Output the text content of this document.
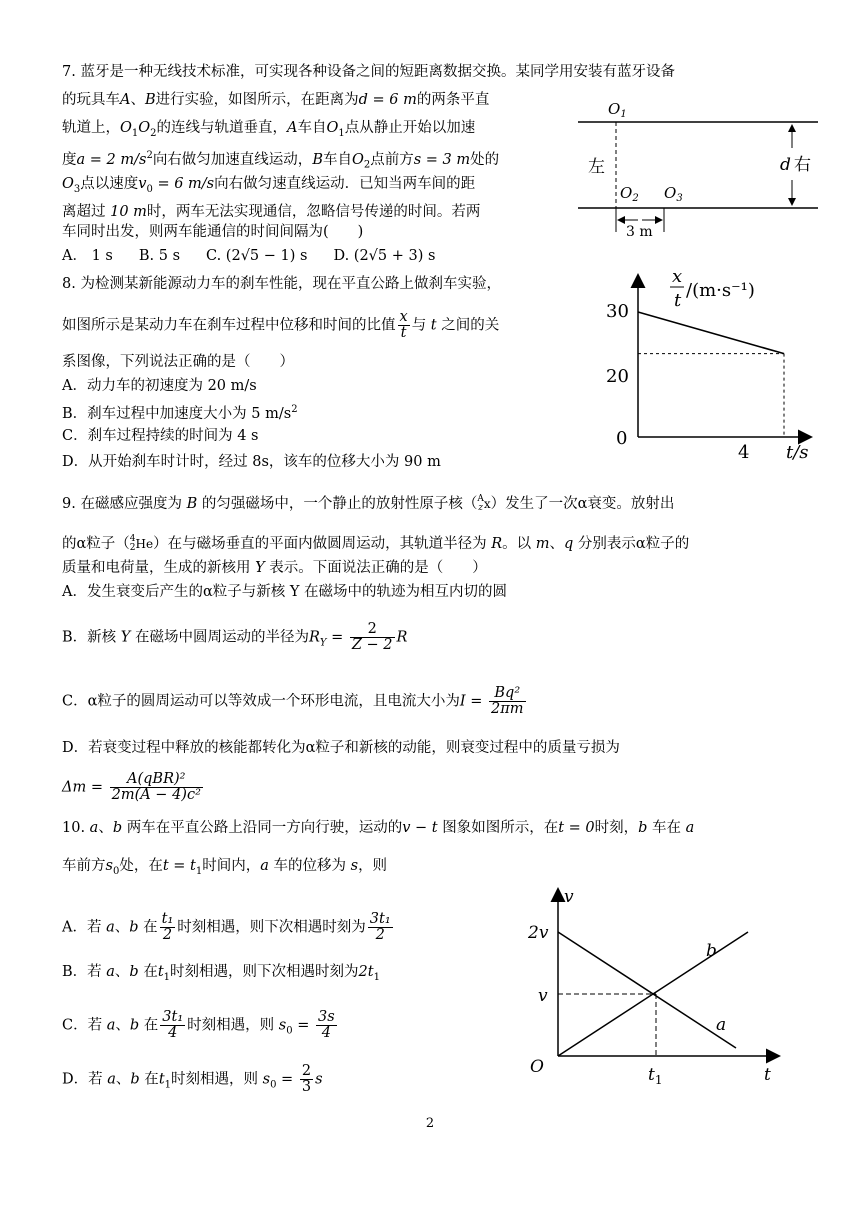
7. 蓝牙是一种无线技术标准，可实现各种设备之间的短距离数据交换。某同学用安装有蓝牙设备
的玩具车A、B进行实验，如图所示，在距离为d = 6 m的两条平直
轨道上，$O_1O_2$的连线与轨道垂直，A车自$O_1$点从静止开始以加速
度a = 2 $m/s^2$向右做匀加速直线运动，B车自$O_2$点前方s = 3 m处的
$O_3$点以速度$v_0 = 6$ m/s向右做匀速直线运动．已知当两车间的距
离超过 10 m时，两车无法实现通信，忽略信号传递的时间。若两
车同时出发，则两车能通信的时间间隔为(　　)
A． 1 s B. 5 s C. (2√5 − 1) s D. (2√5 + 3) s
$O_1$
左
$O_2$ $O_3$
3 m
d 右
8. 为检测某新能源动力车的刹车性能，现在平直公路上做刹车实验，
如图所示是某动力车在刹车过程中位移和时间的比值 $\frac{x}{t}$ 与 t 之间的关
系图像，下列说法正确的是（　　）
A．动力车的初速度为 20 m/s
B．刹车过程中加速度大小为 5 $m/s^2$
C．刹车过程持续的时间为 4 s
D．从开始刹车时计时，经过 8s，该车的位移大小为 90 m
x
t /(m·s⁻¹)
30
20
0
4 t/s
9. 在磁感应强度为 B 的匀强磁场中，一个静止的放射性原子核（ A
z x）发生了一次α衰变。放射出
的α粒子（ 4
2 He）在与磁场垂直的平面内做圆周运动，其轨道半径为 R。以 m、q 分别表示α粒子的
质量和电荷量，生成的新核用 Y 表示。下面说法正确的是（　　）
A．发生衰变后产生的α粒子与新核 Y 在磁场中的轨迹为相互内切的圆
B．新核 Y 在磁场中圆周运动的半径为$R_Y = \frac{2}{Z - 2}$ R
C．α粒子的圆周运动可以等效成一个环形电流，且电流大小为$I = \frac{\text{Bq²}}{2\pi m}$
D．若衰变过程中释放的核能都转化为α粒子和新核的动能，则衰变过程中的质量亏损为
$\Delta m = \frac{\text{A(qBR)²}}{\text{2m(A − 4)c²}}$
10. a、b 两车在平直公路上沿同一方向行驶，运动的v − t 图象如图所示，在t = 0时刻，b 车在 a
车前方$s_0$处，在$t = t_1$时间内，a 车的位移为 s，则
A．若 a、b 在 $\frac{\text{t₁}}{2}$ 时刻相遇，则下次相遇时刻为 $\frac{\text{3t₁}}{2}$
B．若 a、b 在$t_1$时刻相遇，则下次相遇时刻为$2t_1$
C．若 a、b 在 $\frac{\text{3t₁}}{4}$ 时刻相遇，则 $s_0 = \frac{3s}{4}$
D．若 a、b 在$t_1$时刻相遇，则 $s_0 = \frac{2}{3}$ s
v
2v
v
O	$t_1$	t
a
b
2
